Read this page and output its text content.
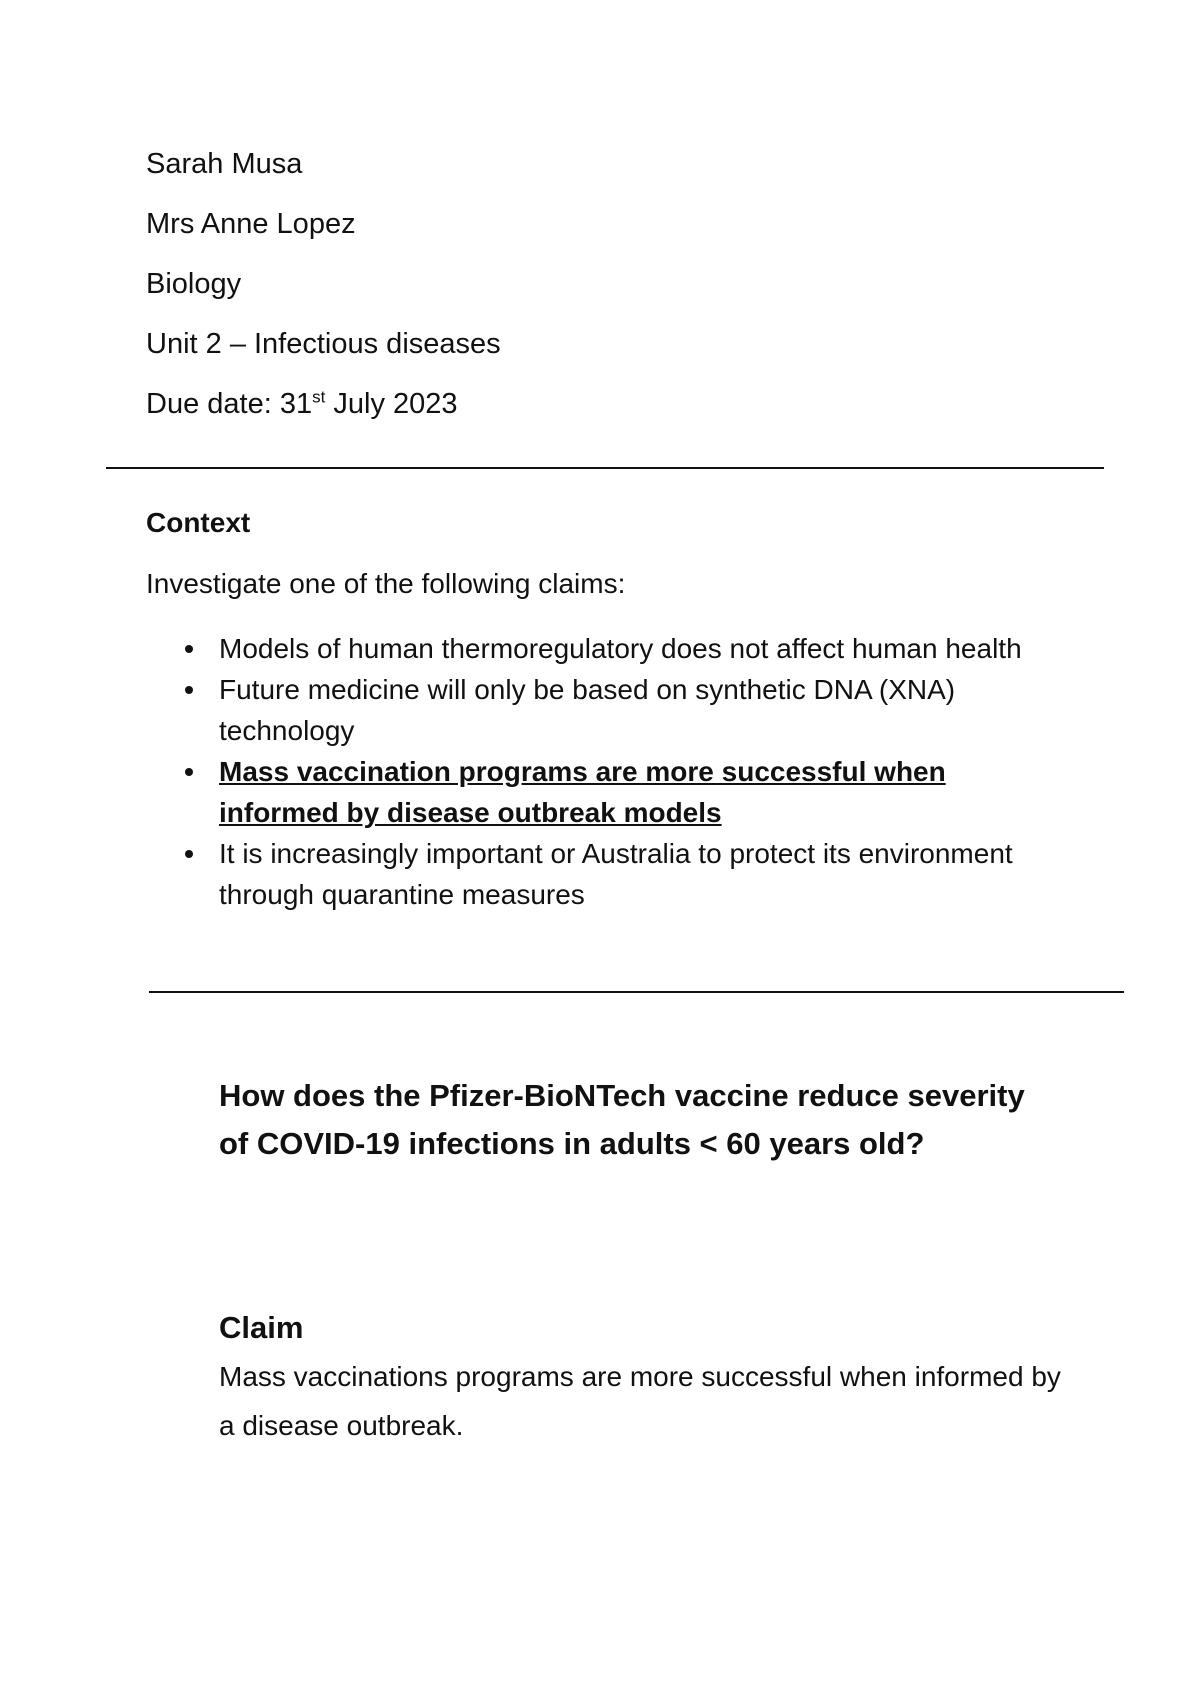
Sarah Musa
Mrs Anne Lopez
Biology
Unit 2 – Infectious diseases
Due date: 31st July 2023
Context
Investigate one of the following claims:
Models of human thermoregulatory does not affect human health
Future medicine will only be based on synthetic DNA (XNA) technology
Mass vaccination programs are more successful when informed by disease outbreak models
It is increasingly important or Australia to protect its environment through quarantine measures
How does the Pfizer-BioNTech vaccine reduce severity of COVID-19 infections in adults < 60 years old?
Claim
Mass vaccinations programs are more successful when informed by a disease outbreak.
